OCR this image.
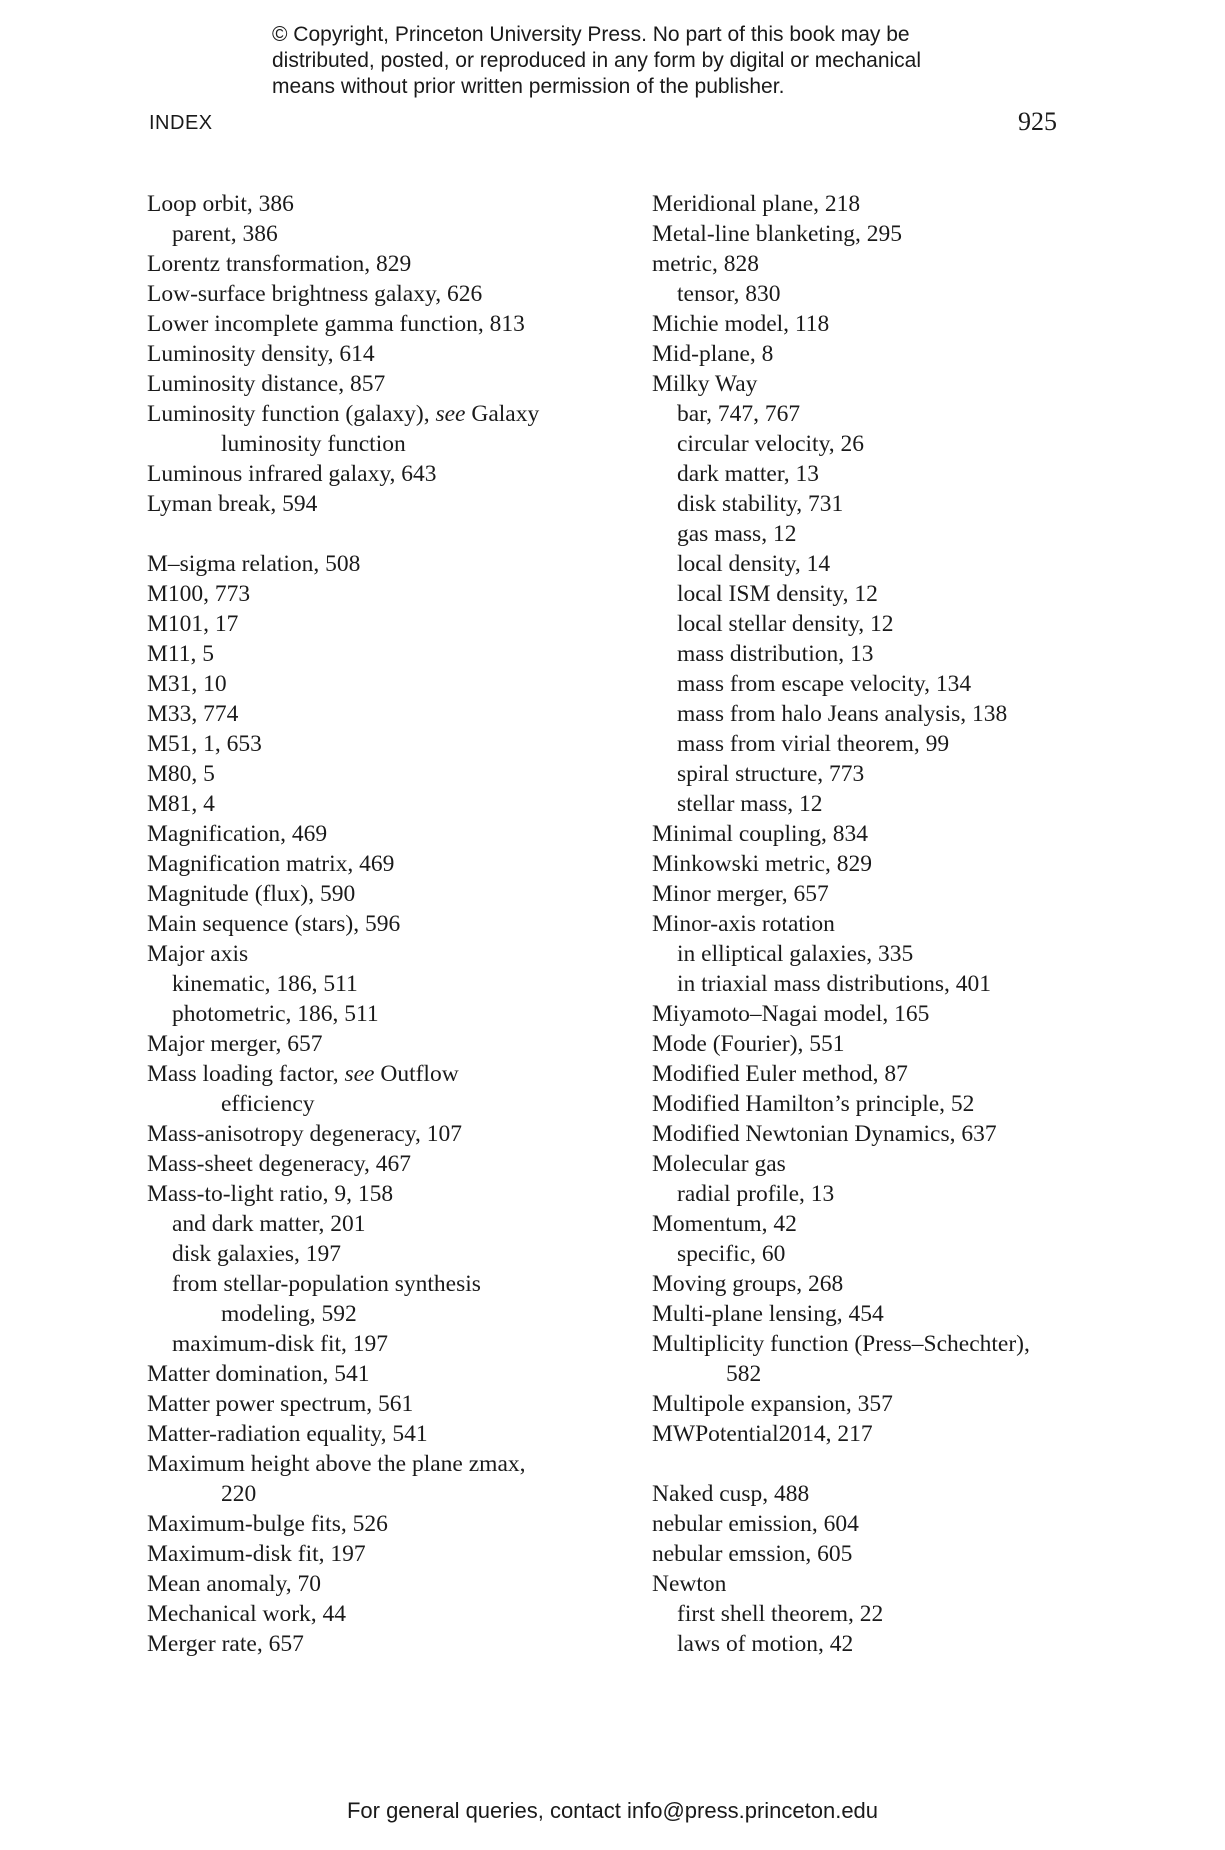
© Copyright, Princeton University Press. No part of this book may be
distributed, posted, or reproduced in any form by digital or mechanical
means without prior written permission of the publisher.
INDEX	925
Loop orbit, 386
parent, 386
Lorentz transformation, 829
Low-surface brightness galaxy, 626
Lower incomplete gamma function, 813
Luminosity density, 614
Luminosity distance, 857
Luminosity function (galaxy), see Galaxy
luminosity function
Luminous infrared galaxy, 643
Lyman break, 594
M–sigma relation, 508
M100, 773
M101, 17
M11, 5
M31, 10
M33, 774
M51, 1, 653
M80, 5
M81, 4
Magnification, 469
Magnification matrix, 469
Magnitude (flux), 590
Main sequence (stars), 596
Major axis
kinematic, 186, 511
photometric, 186, 511
Major merger, 657
Mass loading factor, see Outflow
efficiency
Mass-anisotropy degeneracy, 107
Mass-sheet degeneracy, 467
Mass-to-light ratio, 9, 158
and dark matter, 201
disk galaxies, 197
from stellar-population synthesis
modeling, 592
maximum-disk fit, 197
Matter domination, 541
Matter power spectrum, 561
Matter-radiation equality, 541
Maximum height above the plane zmax,
220
Maximum-bulge fits, 526
Maximum-disk fit, 197
Mean anomaly, 70
Mechanical work, 44
Merger rate, 657
Meridional plane, 218
Metal-line blanketing, 295
metric, 828
tensor, 830
Michie model, 118
Mid-plane, 8
Milky Way
bar, 747, 767
circular velocity, 26
dark matter, 13
disk stability, 731
gas mass, 12
local density, 14
local ISM density, 12
local stellar density, 12
mass distribution, 13
mass from escape velocity, 134
mass from halo Jeans analysis, 138
mass from virial theorem, 99
spiral structure, 773
stellar mass, 12
Minimal coupling, 834
Minkowski metric, 829
Minor merger, 657
Minor-axis rotation
in elliptical galaxies, 335
in triaxial mass distributions, 401
Miyamoto–Nagai model, 165
Mode (Fourier), 551
Modified Euler method, 87
Modified Hamilton’s principle, 52
Modified Newtonian Dynamics, 637
Molecular gas
radial profile, 13
Momentum, 42
specific, 60
Moving groups, 268
Multi-plane lensing, 454
Multiplicity function (Press–Schechter),
582
Multipole expansion, 357
MWPotential2014, 217
Naked cusp, 488
nebular emission, 604
nebular emssion, 605
Newton
first shell theorem, 22
laws of motion, 42
For general queries, contact info@press.princeton.edu
